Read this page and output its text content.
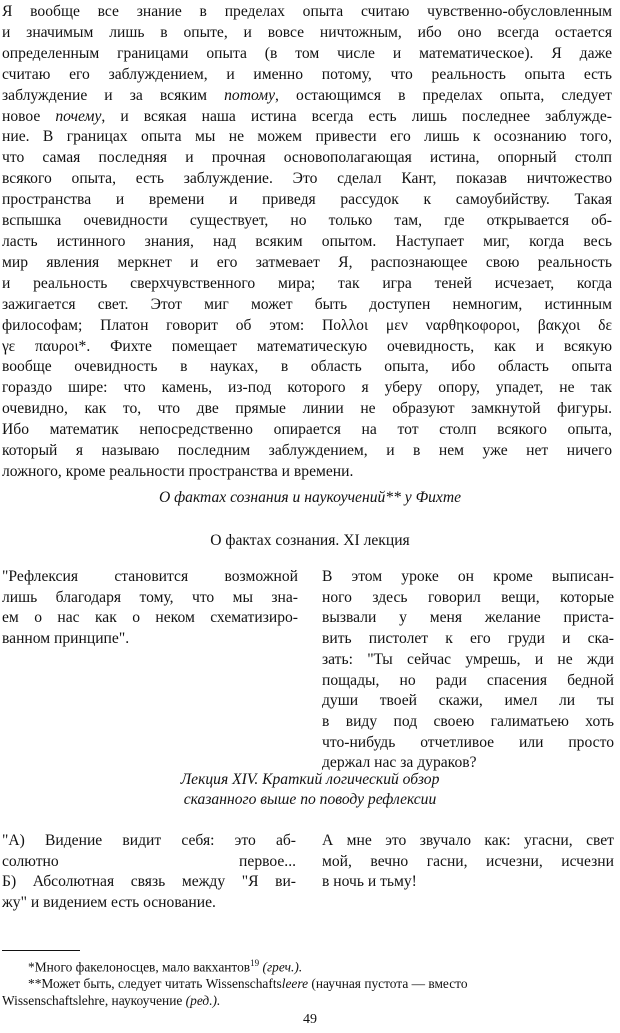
Я вообще все знание в пределах опыта считаю чувственно-обусловленным
и значимым лишь в опыте, и вовсе ничтожным, ибо оно всегда остается
определенным границами опыта (в том числе и математическое). Я даже
считаю его заблуждением, и именно потому, что реальность опыта есть
заблуждение и за всяким потому, остающимся в пределах опыта, следует
новое почему, и всякая наша истина всегда есть лишь последнее заблужде-
ние. В границах опыта мы не можем привести его лишь к осознанию того,
что самая последняя и прочная основополагающая истина, опорный столп
всякого опыта, есть заблуждение. Это сделал Кант, показав ничтожество
пространства и времени и приведя рассудок к самоубийству. Такая
вспышка очевидности существует, но только там, где открывается об-
ласть истинного знания, над всяким опытом. Наступает миг, когда весь
мир явления меркнет и его затмевает Я, распознающее свою реальность
и реальность сверхчувственного мира; так игра теней исчезает, когда
зажигается свет. Этот миг может быть доступен немногим, истинным
философам; Платон говорит об этом: Πολλοι μεν ναρθηκοφοροι, βακχοι δε
γε παυροι*. Фихте помещает математическую очевидность, как и всякую
вообще очевидность в науках, в область опыта, ибо область опыта
гораздо шире: что камень, из-под которого я уберу опору, упадет, не так
очевидно, как то, что две прямые линии не образуют замкнутой фигуры.
Ибо математик непосредственно опирается на тот столп всякого опыта,
который я называю последним заблуждением, и в нем уже нет ничего
ложного, кроме реальности пространства и времени.
О фактах сознания и наукоучений** у Фихте
О фактах сознания. XI лекция
"Рефлексия становится возможной
лишь благодаря тому, что мы зна-
ем о нас как о неком схематизиро-
ванном принципе".
В этом уроке он кроме выписан-
ного здесь говорил вещи, которые
вызвали у меня желание приста-
вить пистолет к его груди и ска-
зать: "Ты сейчас умрешь, и не жди
пощады, но ради спасения бедной
души твоей скажи, имел ли ты
в виду под своею галиматьею хоть
что-нибудь отчетливое или просто
держал нас за дураков?
Лекция XIV. Краткий логический обзор
сказанного выше по поводу рефлексии
"А) Видение видит себя: это аб-
солютно первое...
Б) Абсолютная связь между "Я ви-
жу" и видением есть основание.
А мне это звучало как: угасни, свет
мой, вечно гасни, исчезни, исчезни
в ночь и тьму!
*Много факелоносцев, мало вакхантов$^{19}$ (греч.).
**Может быть, следует читать Wissenschaftsleere (научная пустота — вместо
Wissenschaftslehre, наукоучение (ред.).
49
